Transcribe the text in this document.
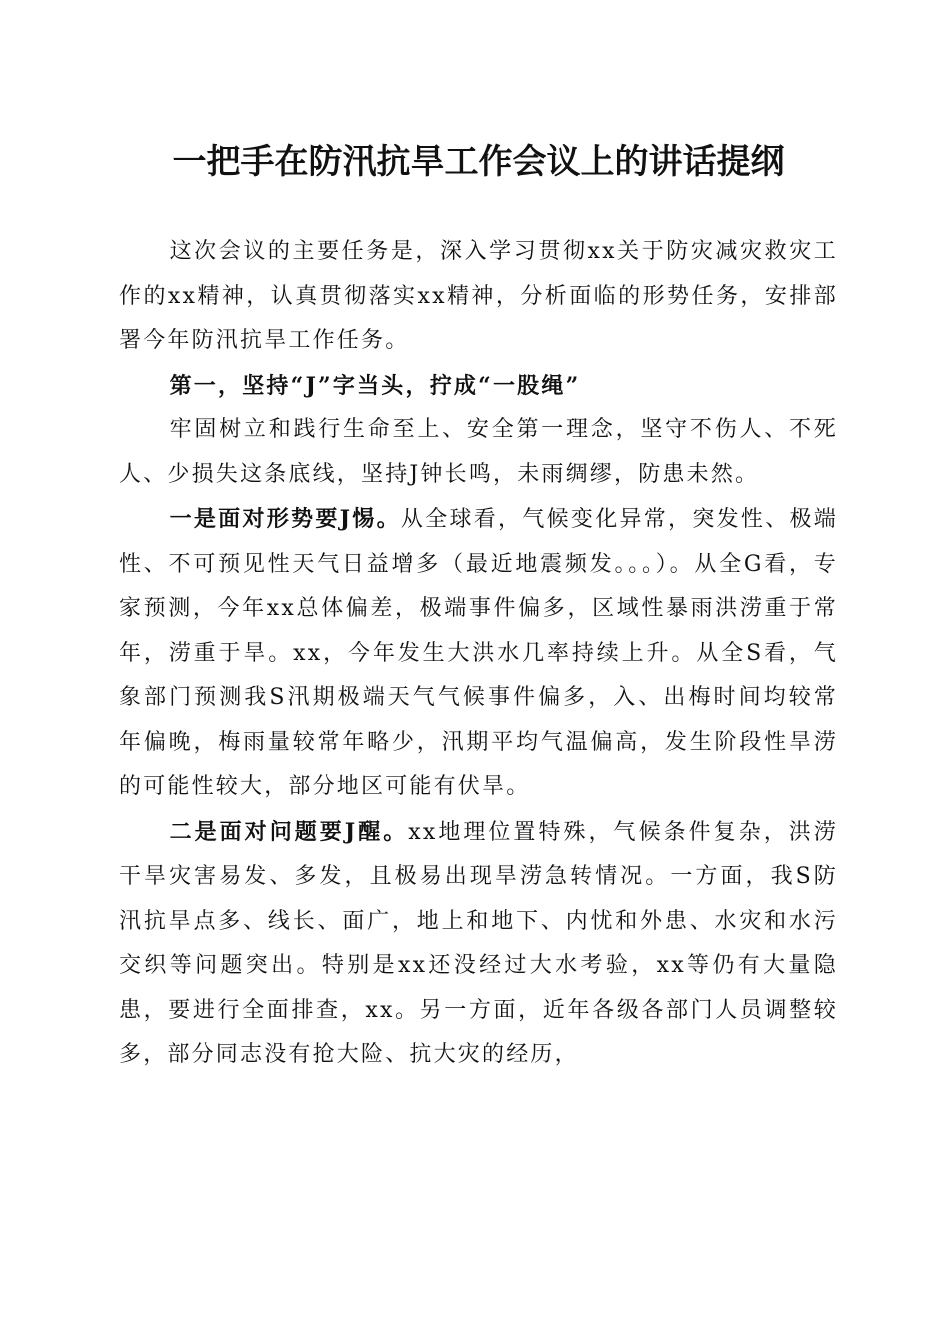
一把手在防汛抗旱工作会议上的讲话提纲

这次会议的主要任务是，深入学习贯彻xx关于防灾减灾救灾工作的xx精神，认真贯彻落实xx精神，分析面临的形势任务，安排部署今年防汛抗旱工作任务。

第一，坚持“J”字当头，拧成“一股绳”

牢固树立和践行生命至上、安全第一理念，坚守不伤人、不死人、少损失这条底线，坚持J钟长鸣，未雨绸缪，防患未然。

一是面对形势要J惕。从全球看，气候变化异常，突发性、极端性、不可预见性天气日益增多（最近地震频发。。。）。从全G看，专家预测，今年xx总体偏差，极端事件偏多，区域性暴雨洪涝重于常年，涝重于旱。xx，今年发生大洪水几率持续上升。从全S看，气象部门预测我S汛期极端天气气候事件偏多，入、出梅时间均较常年偏晚，梅雨量较常年略少，汛期平均气温偏高，发生阶段性旱涝的可能性较大，部分地区可能有伏旱。

二是面对问题要J醒。xx地理位置特殊，气候条件复杂，洪涝干旱灾害易发、多发，且极易出现旱涝急转情况。一方面，我S防汛抗旱点多、线长、面广，地上和地下、内忧和外患、水灾和水污交织等问题突出。特别是xx还没经过大水考验，xx等仍有大量隐患，要进行全面排查，xx。另一方面，近年各级各部门人员调整较多，部分同志没有抢大险、抗大灾的经历，
